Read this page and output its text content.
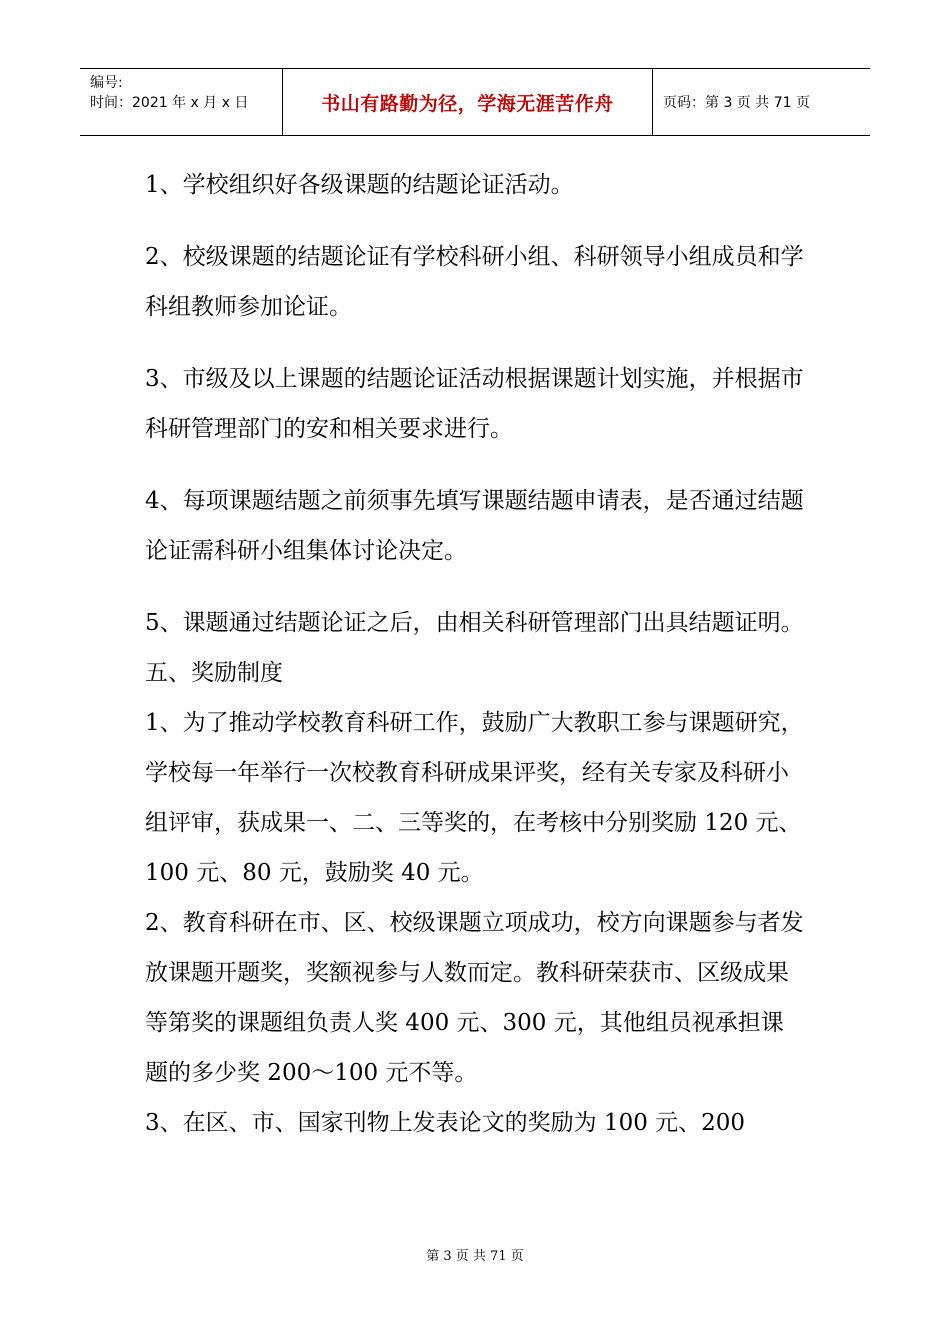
编号:
时间：2021 年 x 月 x 日	书山有路勤为径，学海无涯苦作舟	页码：第 3 页 共 71 页

1、学校组织好各级课题的结题论证活动。

2、校级课题的结题论证有学校科研小组、科研领导小组成员和学科组教师参加论证。

3、市级及以上课题的结题论证活动根据课题计划实施，并根据市科研管理部门的安和相关要求进行。

4、每项课题结题之前须事先填写课题结题申请表，是否通过结题论证需科研小组集体讨论决定。

5、课题通过结题论证之后，由相关科研管理部门出具结题证明。

五、奖励制度

1、为了推动学校教育科研工作，鼓励广大教职工参与课题研究，学校每一年举行一次校教育科研成果评奖，经有关专家及科研小组评审，获成果一、二、三等奖的，在考核中分别奖励 120 元、100 元、80 元，鼓励奖 40 元。

2、教育科研在市、区、校级课题立项成功，校方向课题参与者发放课题开题奖，奖额视参与人数而定。教科研荣获市、区级成果等第奖的课题组负责人奖 400 元、300 元，其他组员视承担课题的多少奖 200～100 元不等。

3、在区、市、国家刊物上发表论文的奖励为 100 元、200

第 3 页 共 71 页
